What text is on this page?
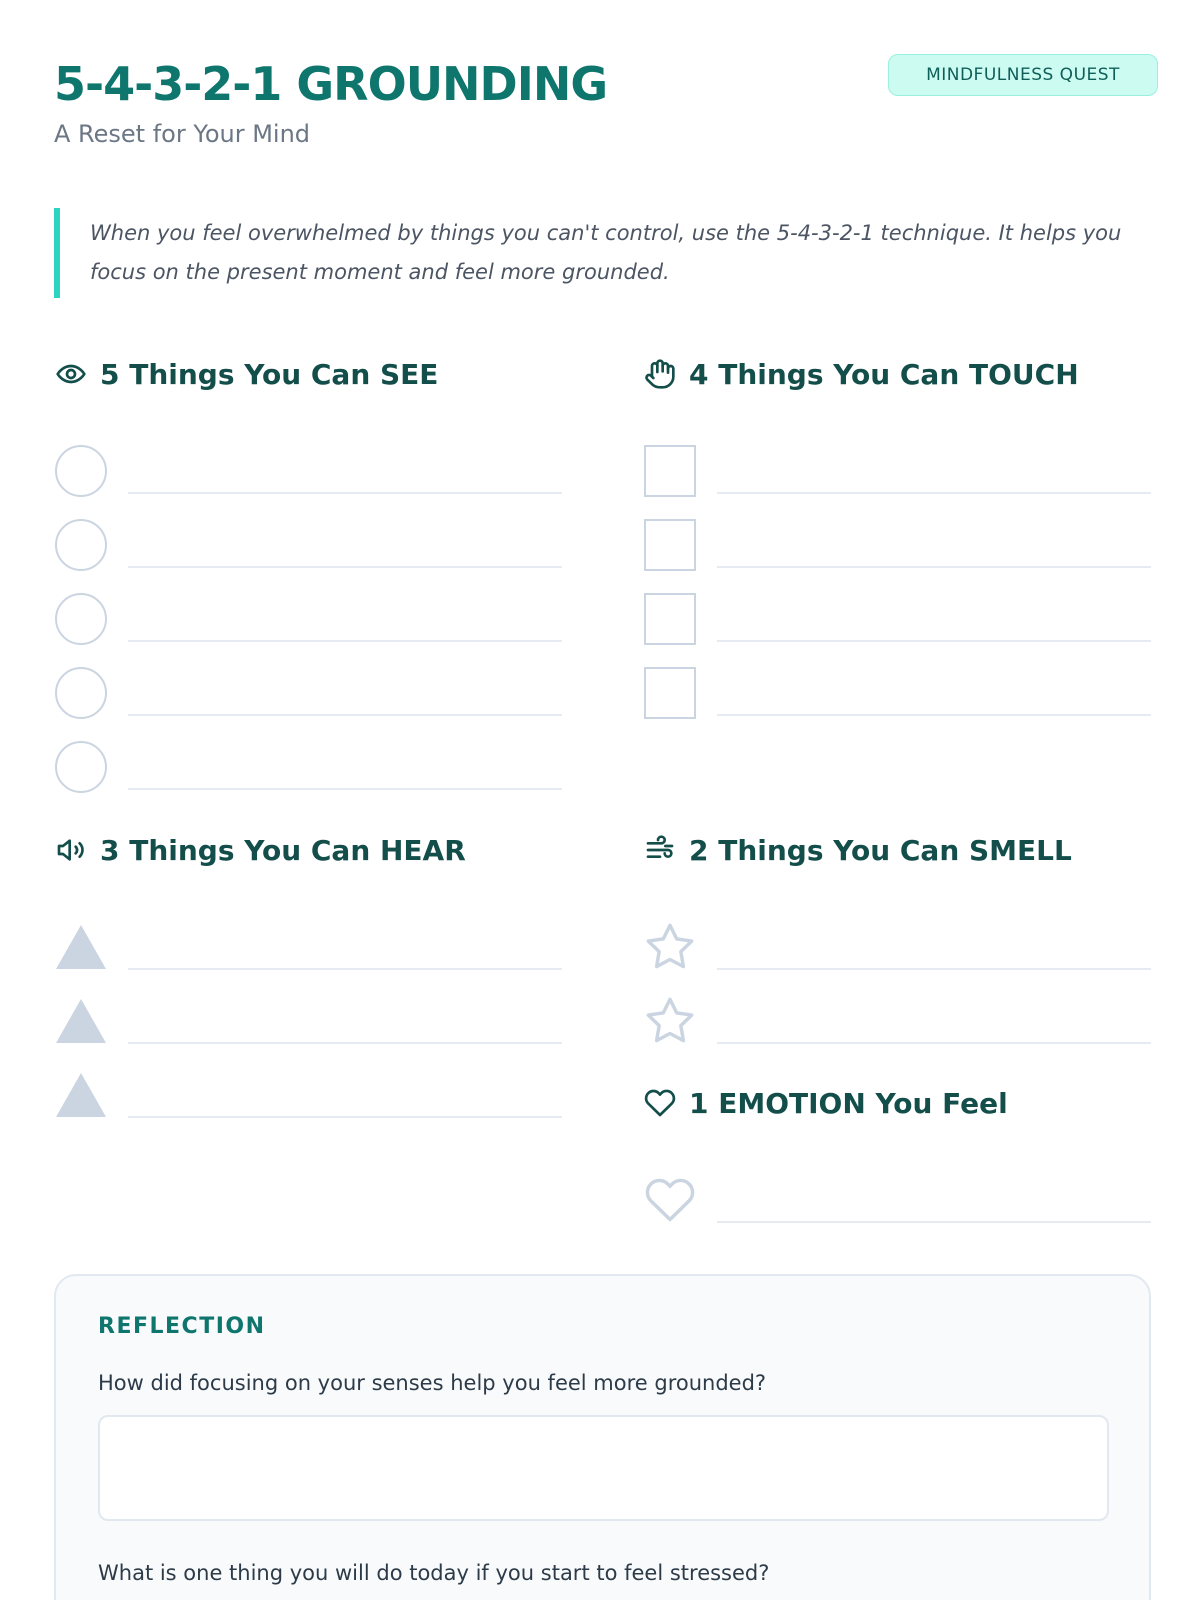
5-4-3-2-1 GROUNDING
A Reset for Your Mind
MINDFULNESS QUEST

When you feel overwhelmed by things you can't control, use the 5-4-3-2-1 technique. It helps you focus on the present moment and feel more grounded.

5 Things You Can SEE	4 Things You Can TOUCH
3 Things You Can HEAR	2 Things You Can SMELL
1 EMOTION You Feel
REFLECTION
How did focusing on your senses help you feel more grounded?
What is one thing you will do today if you start to feel stressed?
